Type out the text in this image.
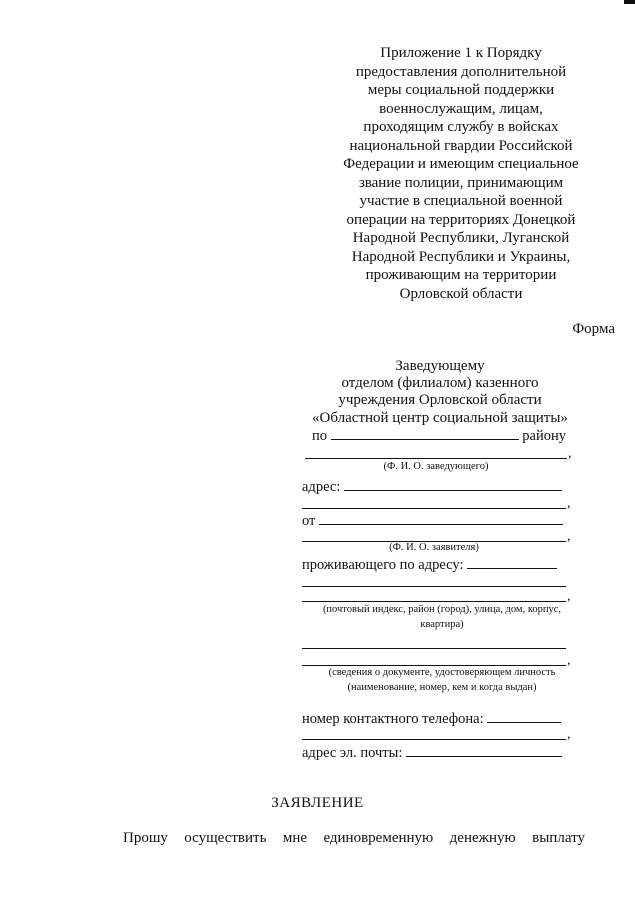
Приложение 1 к Порядку
предоставления дополнительной
меры социальной поддержки
военнослужащим, лицам,
проходящим службу в войсках
национальной гвардии Российской
Федерации и имеющим специальное
звание полиции, принимающим
участие в специальной военной
операции на территориях Донецкой
Народной Республики, Луганской
Народной Республики и Украины,
проживающим на территории
Орловской области
Форма
Заведующему
отделом (филиалом) казенного
учреждения Орловской области
«Областной центр социальной защиты»
по	району
,
(Ф. И. О. заведующего)
адрес:
,
от
,
(Ф. И. О. заявителя)
проживающего по адресу:
,
(почтовый индекс, район (город), улица, дом, корпус,
квартира)
,
(сведения о документе, удостоверяющем личность
(наименование, номер, кем и когда выдан)
номер контактного телефона:
,
адрес эл. почты:
ЗАЯВЛЕНИЕ
Прошу осуществить мне единовременную денежную выплату
